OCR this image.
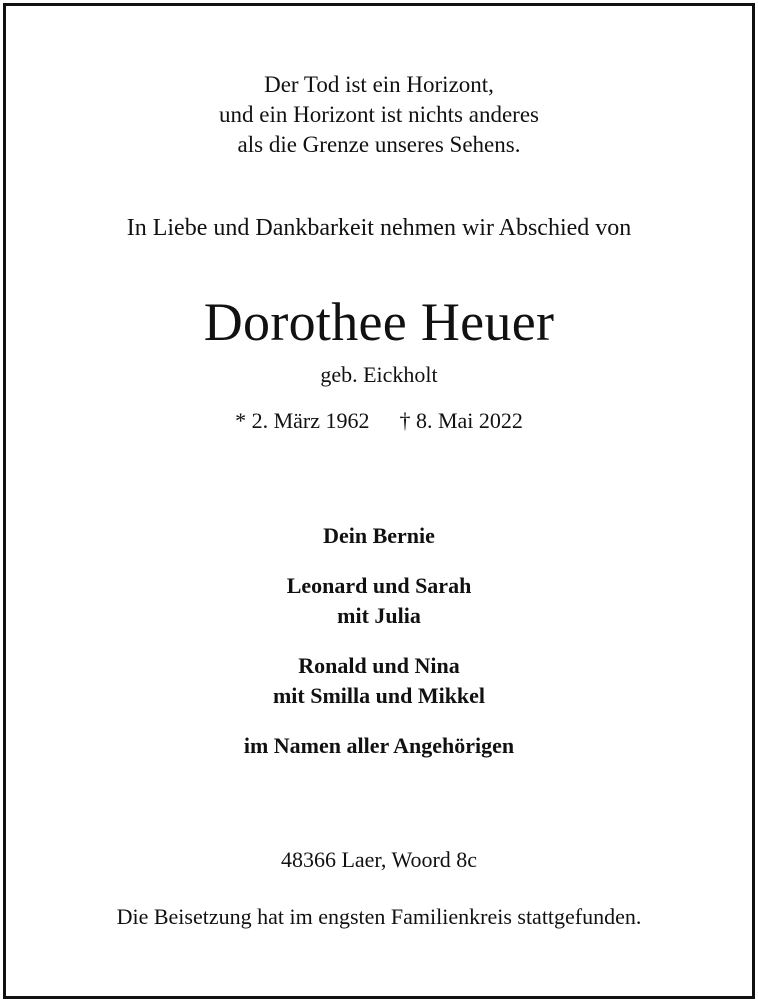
Der Tod ist ein Horizont,
und ein Horizont ist nichts anderes
als die Grenze unseres Sehens.

In Liebe und Dankbarkeit nehmen wir Abschied von

Dorothee Heuer

geb. Eickholt

* 2. März 1962 † 8. Mai 2022

Dein Bernie
Leonard und Sarah
mit Julia
Ronald und Nina
mit Smilla und Mikkel
im Namen aller Angehörigen

48366 Laer, Woord 8c

Die Beisetzung hat im engsten Familienkreis stattgefunden.
